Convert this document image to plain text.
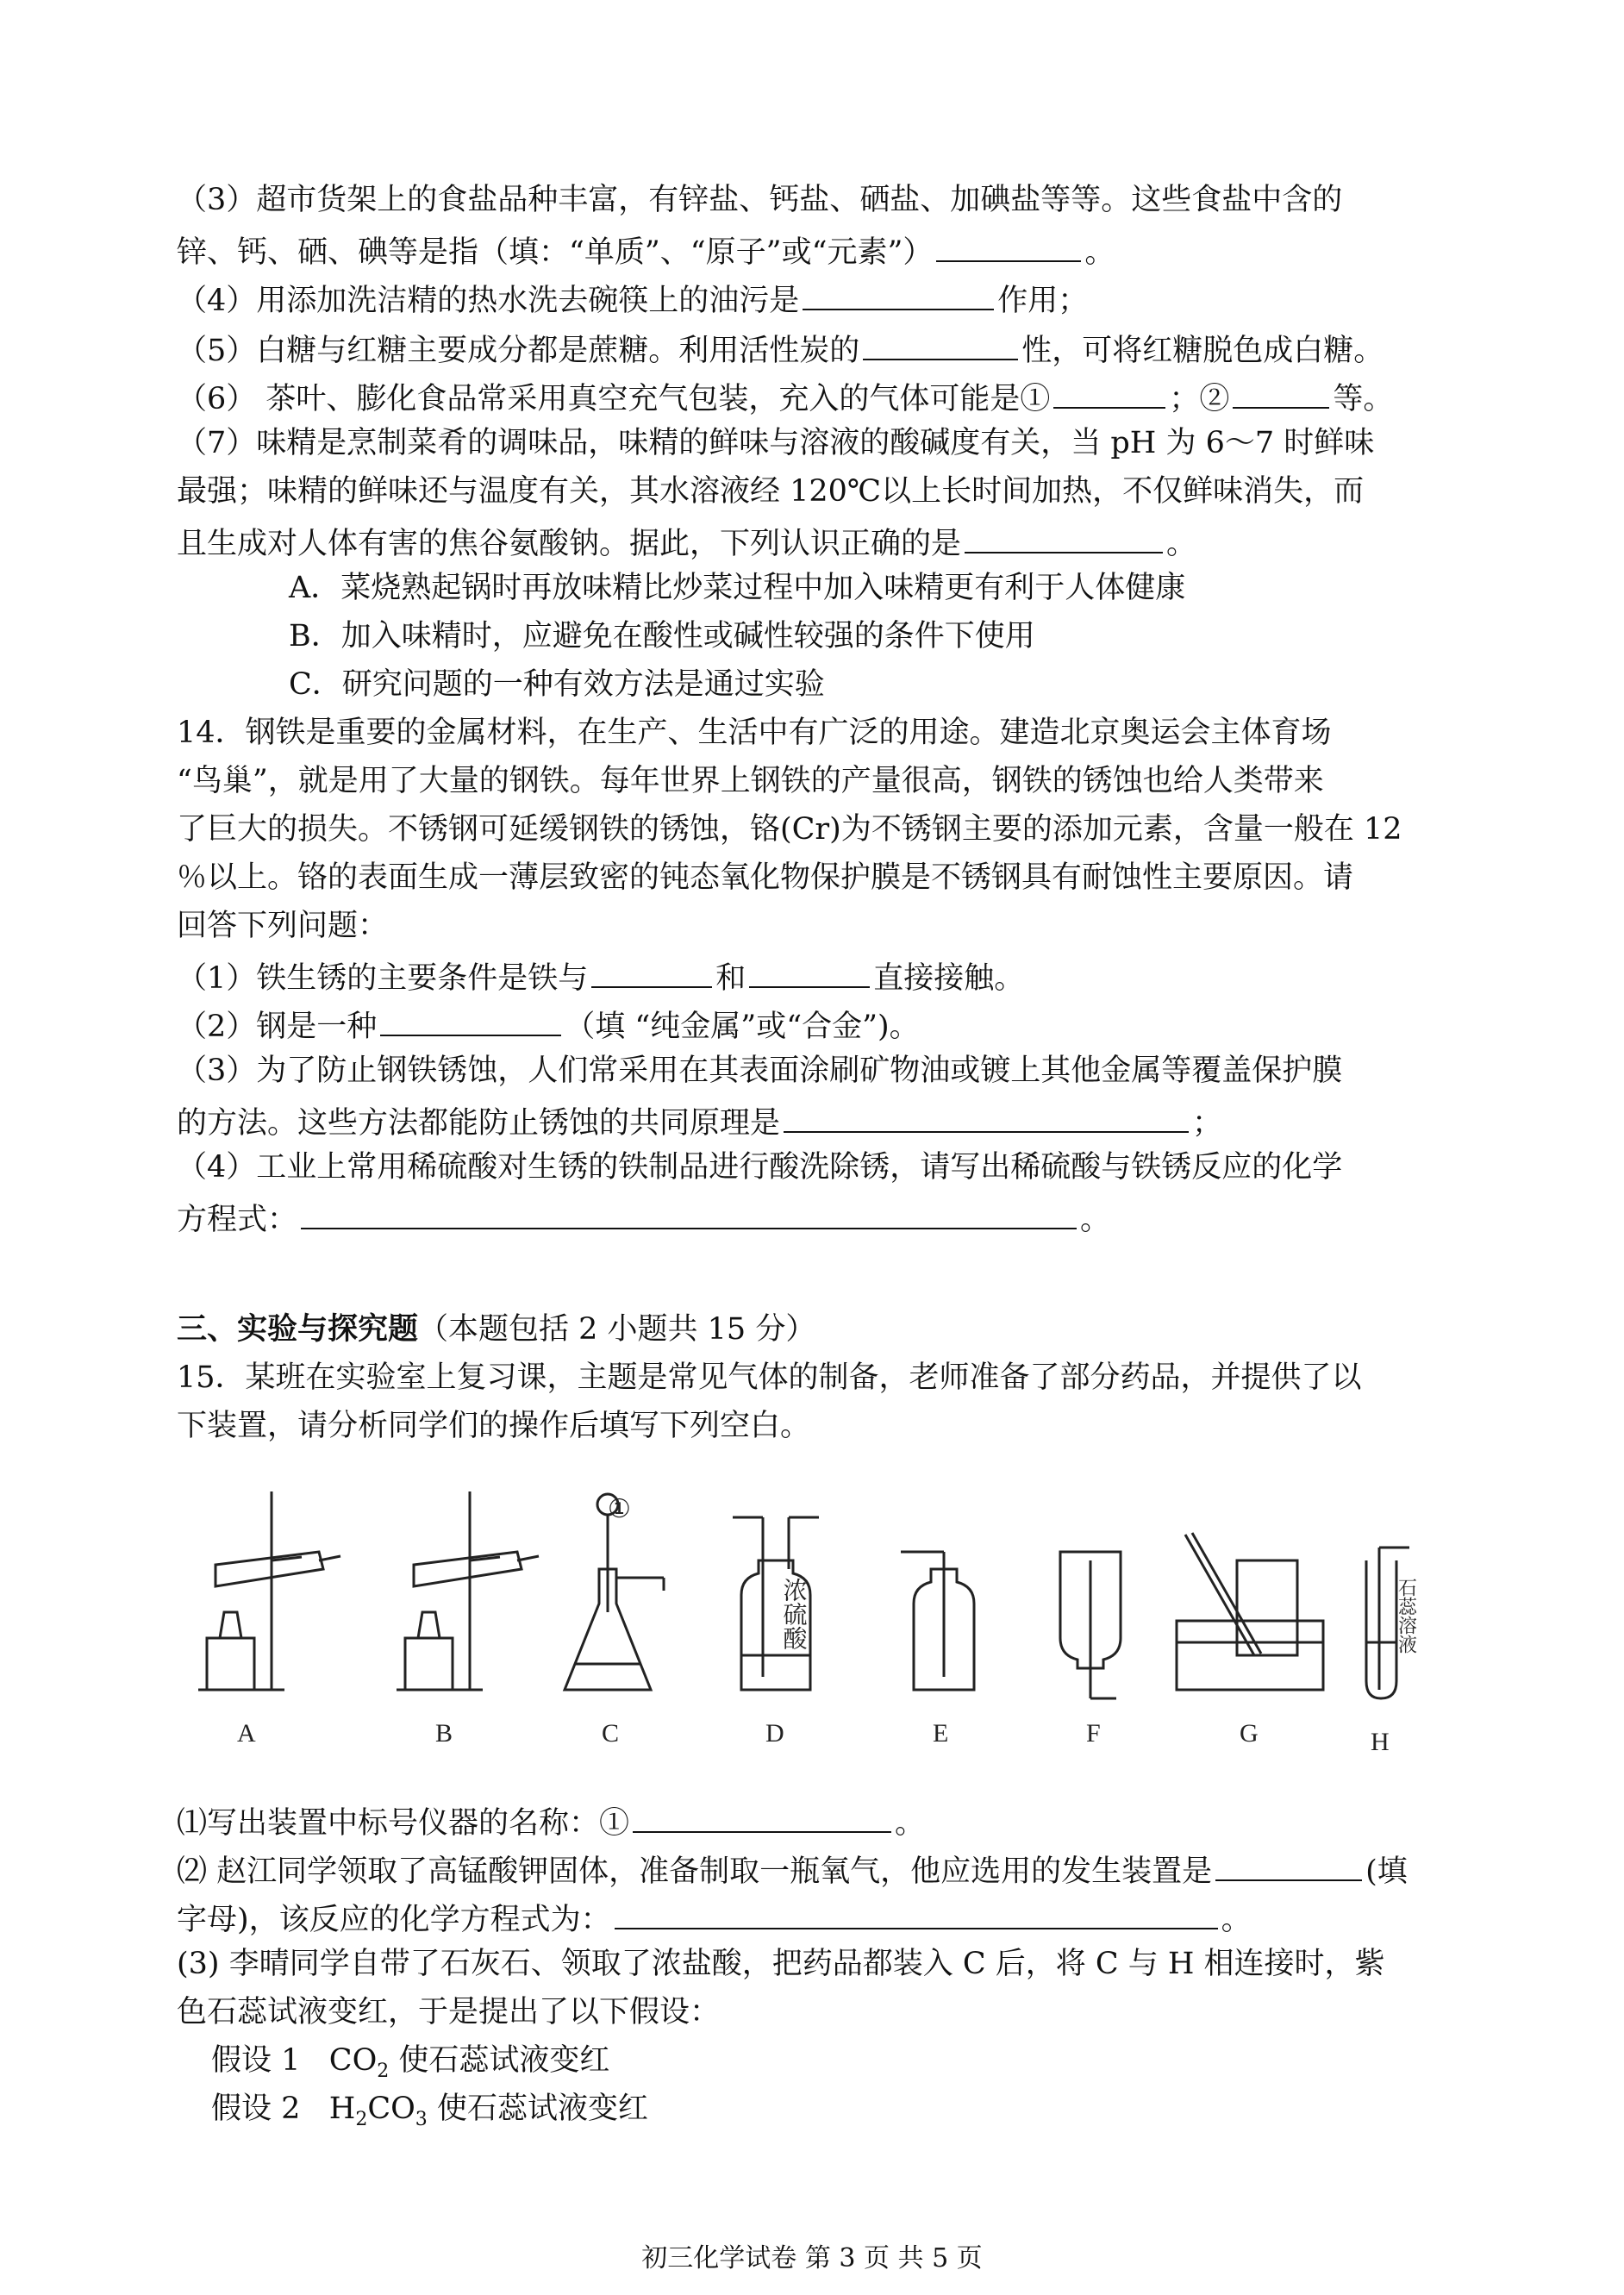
（3）超市货架上的食盐品种丰富，有锌盐、钙盐、硒盐、加碘盐等等。这些食盐中含的
锌、钙、硒、碘等是指（填：“单质”、“原子”或“元素”）	。
（4）用添加洗洁精的热水洗去碗筷上的油污是	作用；
（5）白糖与红糖主要成分都是蔗糖。利用活性炭的	性，可将红糖脱色成白糖。
（6） 茶叶、膨化食品常采用真空充气包装，充入的气体可能是①	；②	等。
（7）味精是烹制菜肴的调味品，味精的鲜味与溶液的酸碱度有关，当 pH 为 6～7 时鲜味
最强；味精的鲜味还与温度有关，其水溶液经 120℃以上长时间加热，不仅鲜味消失，而
且生成对人体有害的焦谷氨酸钠。据此，下列认识正确的是	。
A．菜烧熟起锅时再放味精比炒菜过程中加入味精更有利于人体健康
B．加入味精时，应避免在酸性或碱性较强的条件下使用
C．研究问题的一种有效方法是通过实验
14．钢铁是重要的金属材料，在生产、生活中有广泛的用途。建造北京奥运会主体育场
“鸟巢”，就是用了大量的钢铁。每年世界上钢铁的产量很高，钢铁的锈蚀也给人类带来
了巨大的损失。不锈钢可延缓钢铁的锈蚀，铬(Cr)为不锈钢主要的添加元素，含量一般在 12
％以上。铬的表面生成一薄层致密的钝态氧化物保护膜是不锈钢具有耐蚀性主要原因。请
回答下列问题：
（1）铁生锈的主要条件是铁与	和	直接接触。
（2）钢是一种	（填 “纯金属”或“合金”)。
（3）为了防止钢铁锈蚀，人们常采用在其表面涂刷矿物油或镀上其他金属等覆盖保护膜
的方法。这些方法都能防止锈蚀的共同原理是	；
（4）工业上常用稀硫酸对生锈的铁制品进行酸洗除锈，请写出稀硫酸与铁锈反应的化学
方程式：	。
三、实验与探究题（本题包括 2 小题共 15 分）
15．某班在实验室上复习课，主题是常见气体的制备，老师准备了部分药品，并提供了以
下装置，请分析同学们的操作后填写下列空白。
①
浓硫酸	石蕊溶液
A	B	C	D	E	F	G	H
⑴写出装置中标号仪器的名称：①	。
⑵ 赵江同学领取了高锰酸钾固体，准备制取一瓶氧气，他应选用的发生装置是	(填
字母)，该反应的化学方程式为：	。
(3) 李晴同学自带了石灰石、领取了浓盐酸，把药品都装入 C 后，将 C 与 H 相连接时，紫
色石蕊试液变红，于是提出了以下假设：
假设 1   $CO_2$ 使石蕊试液变红
假设 2   $H_2CO_3$ 使石蕊试液变红
初三化学试卷 第 3 页 共 5 页
